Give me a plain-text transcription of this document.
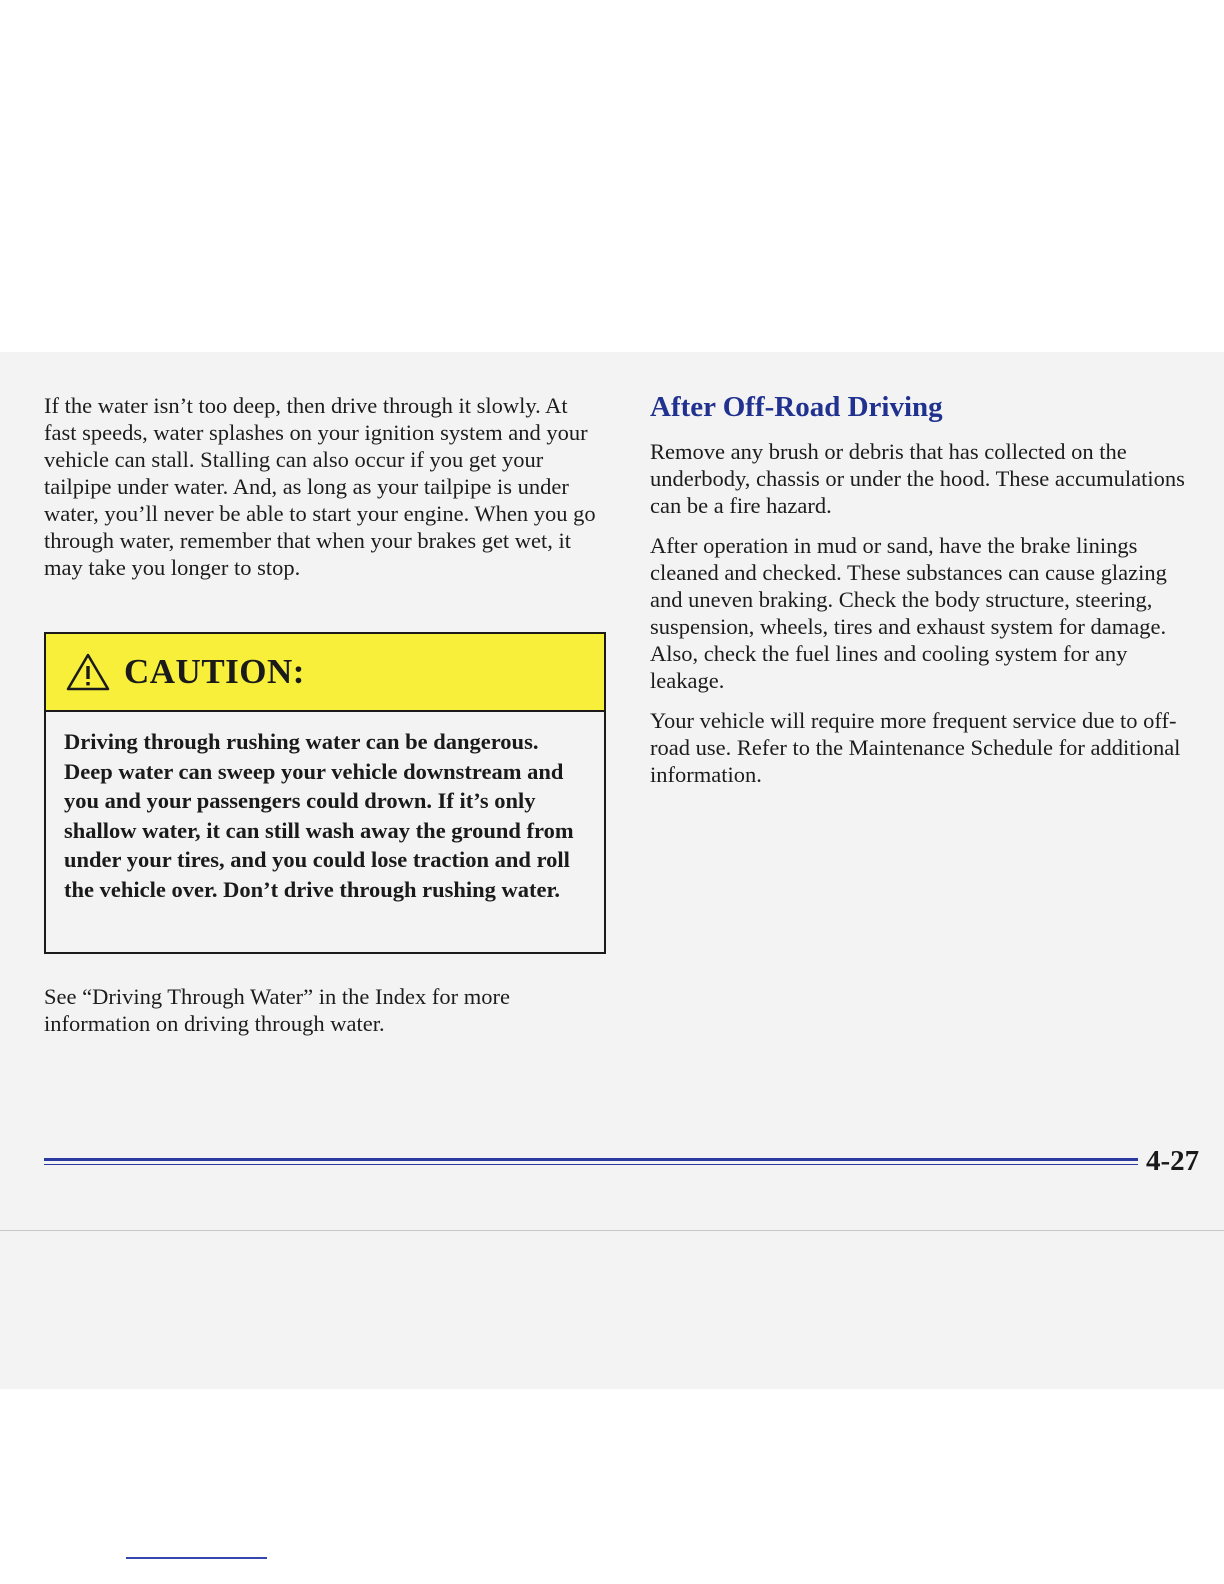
If the water isn’t too deep, then drive through it slowly. At fast speeds, water splashes on your ignition system and your vehicle can stall. Stalling can also occur if you get your tailpipe under water. And, as long as your tailpipe is under water, you’ll never be able to start your engine. When you go through water, remember that when your brakes get wet, it may take you longer to stop.

CAUTION:
Driving through rushing water can be dangerous. Deep water can sweep your vehicle downstream and you and your passengers could drown. If it’s only shallow water, it can still wash away the ground from under your tires, and you could lose traction and roll the vehicle over. Don’t drive through rushing water.

See “Driving Through Water” in the Index for more information on driving through water.

After Off-Road Driving

Remove any brush or debris that has collected on the underbody, chassis or under the hood. These accumulations can be a fire hazard.

After operation in mud or sand, have the brake linings cleaned and checked. These substances can cause glazing and uneven braking. Check the body structure, steering, suspension, wheels, tires and exhaust system for damage. Also, check the fuel lines and cooling system for any leakage.

Your vehicle will require more frequent service due to off-road use. Refer to the Maintenance Schedule for additional information.

4-27
